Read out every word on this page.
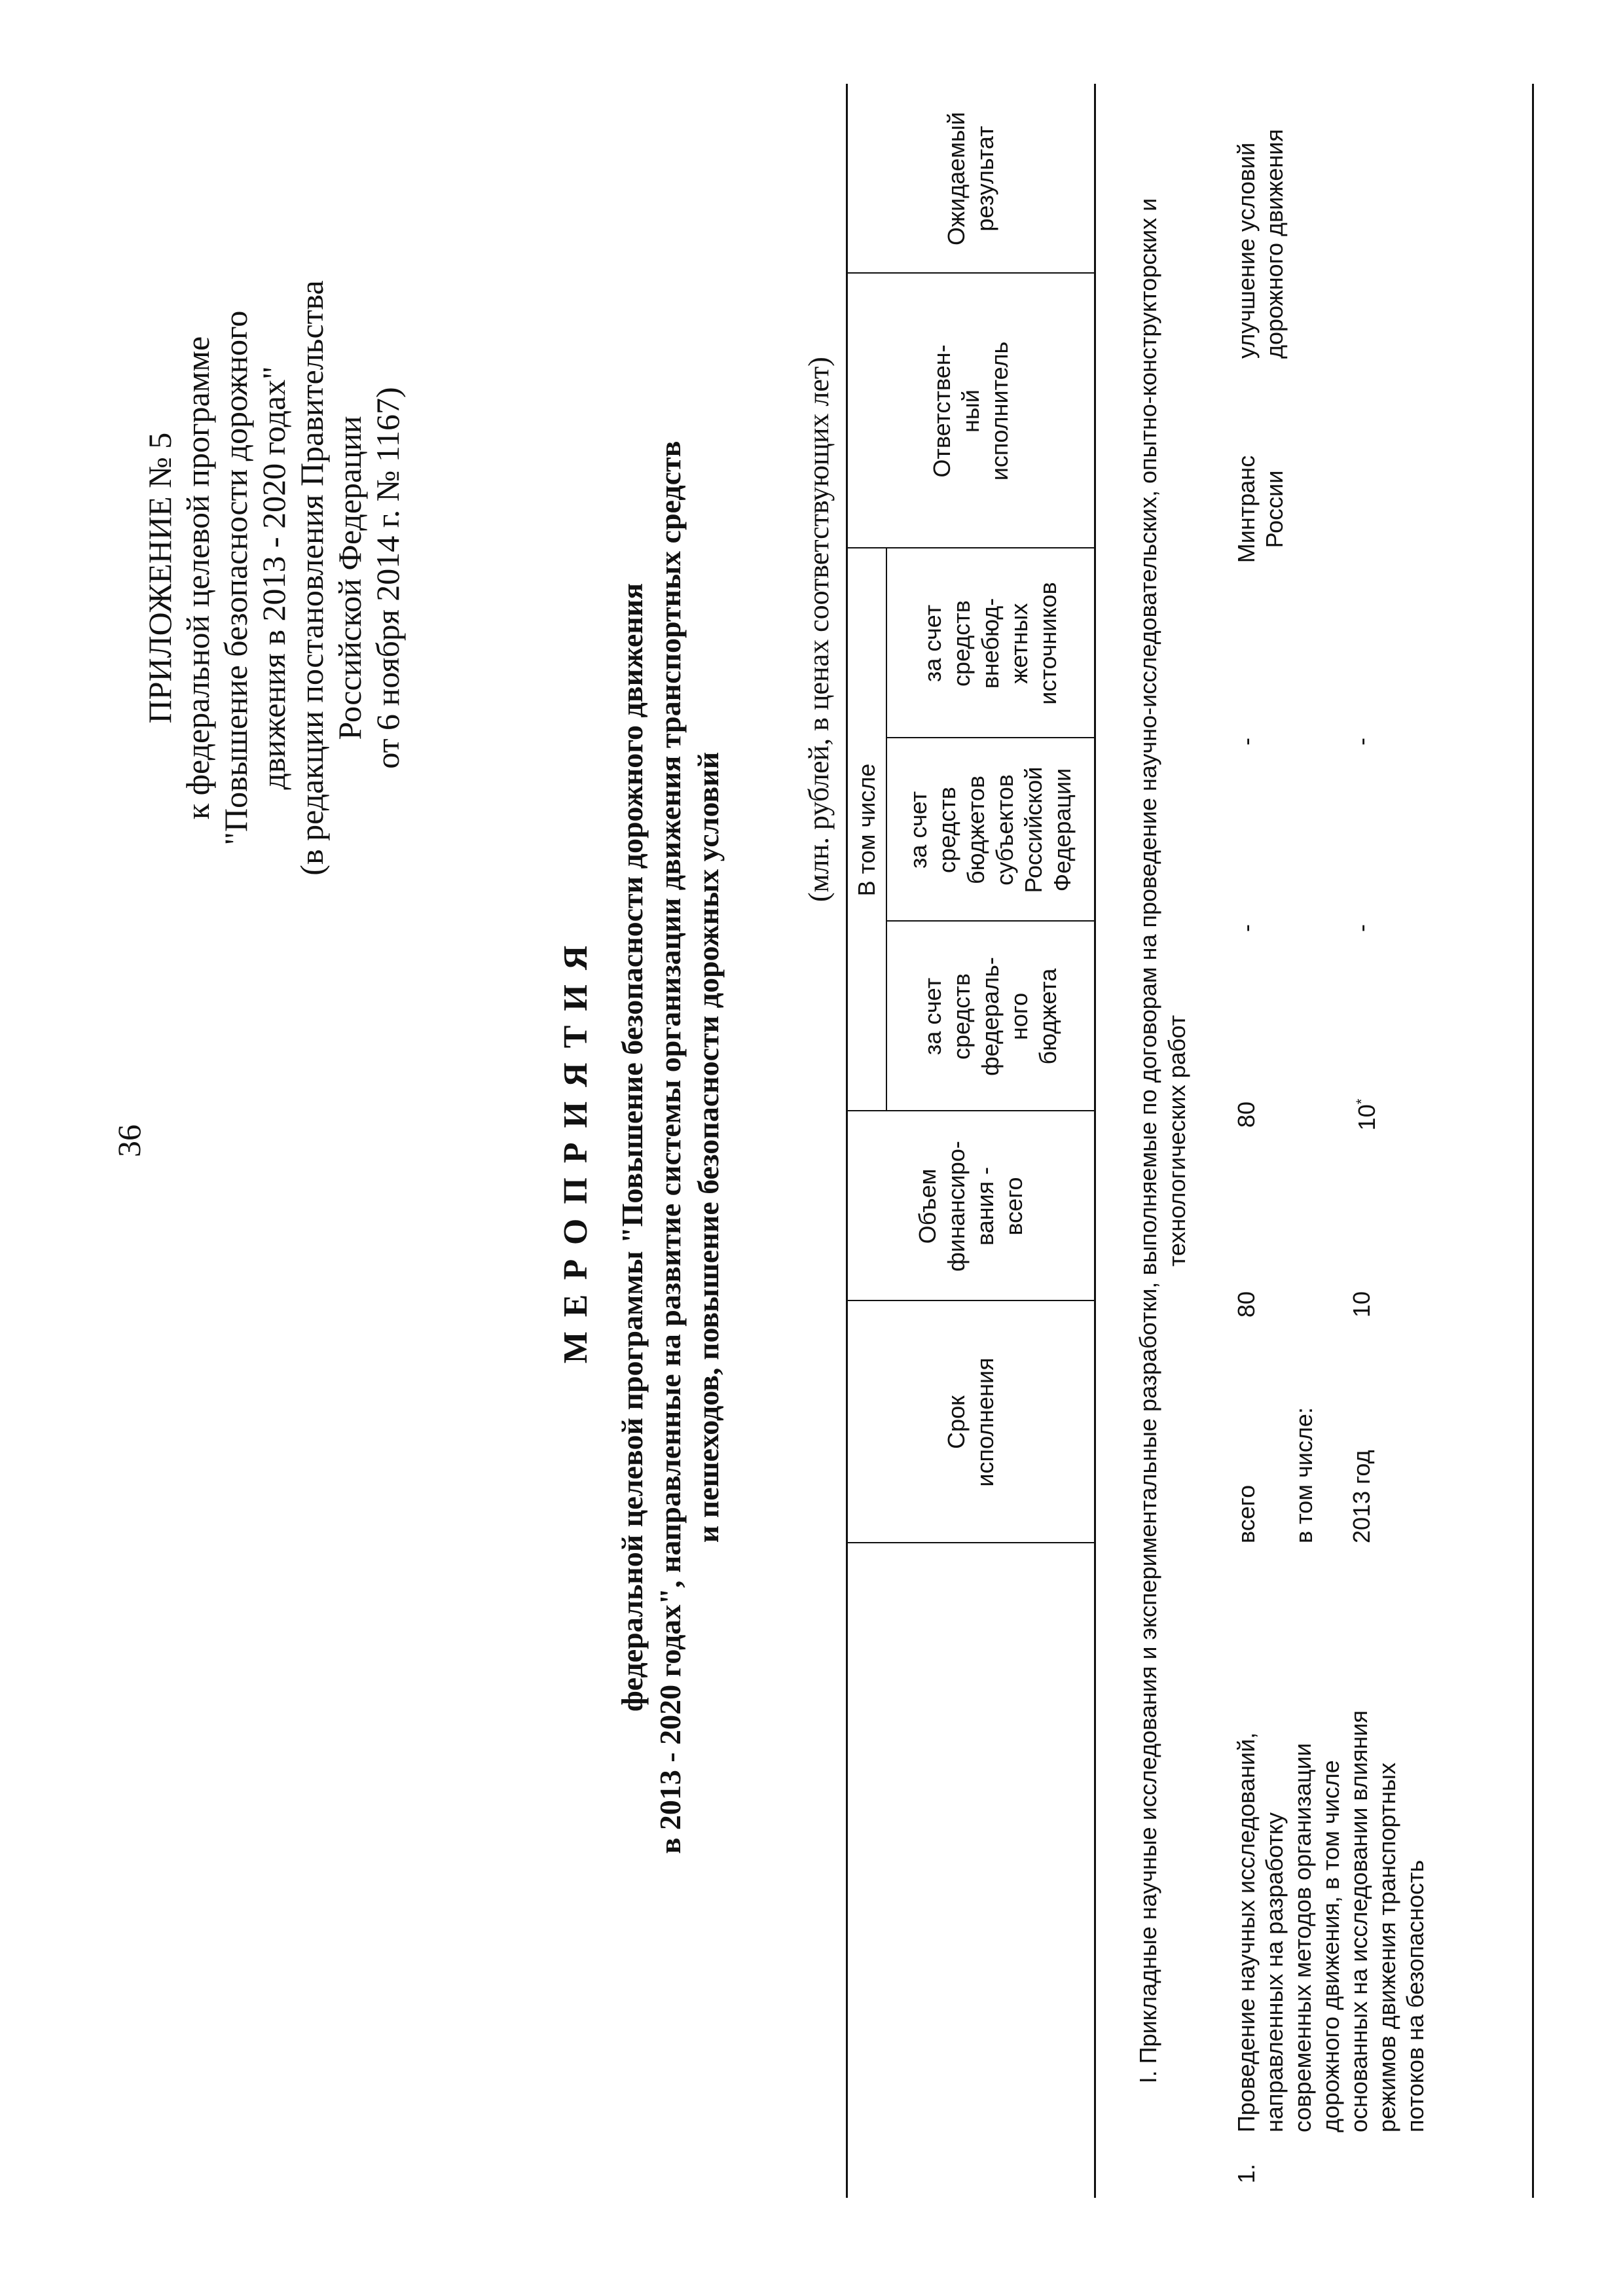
36
ПРИЛОЖЕНИЕ № 5 к федеральной целевой программе "Повышение безопасности дорожного движения в 2013 - 2020 годах" (в редакции постановления Правительства Российской Федерации от 6 ноября 2014 г. № 1167)
МЕРОПРИЯТИЯ федеральной целевой программы "Повышение безопасности дорожного движения в 2013 - 2020 годах", направленные на развитие системы организации движения транспортных средств и пешеходов, повышение безопасности дорожных условий
(млн. рублей, в ценах соответствующих лет)
Срок
исполнения
Объем
финансиро-
вания -
всего
В том числе
за счет
средств
федераль-
ного
бюджета
за счет
средств
бюджетов
субъектов
Российской
Федерации
за счет
средств
внебюд-
жетных
источников
Ответствен-
ный
исполнитель
Ожидаемый
результат
I. Прикладные научные исследования и экспериментальные разработки, выполняемые по договорам на проведение научно-исследовательских, опытно-конструкторских и технологических работ
1.
Проведение научных исследований, направленных на разработку современных методов организации дорожного движения, в том числе основанных на исследовании влияния режимов движения транспортных потоков на безопасность
всего
80
80
-
-
Минтранс
России
улучшение условий
дорожного движения
в том числе: 2013 год
10
10*
-
-
